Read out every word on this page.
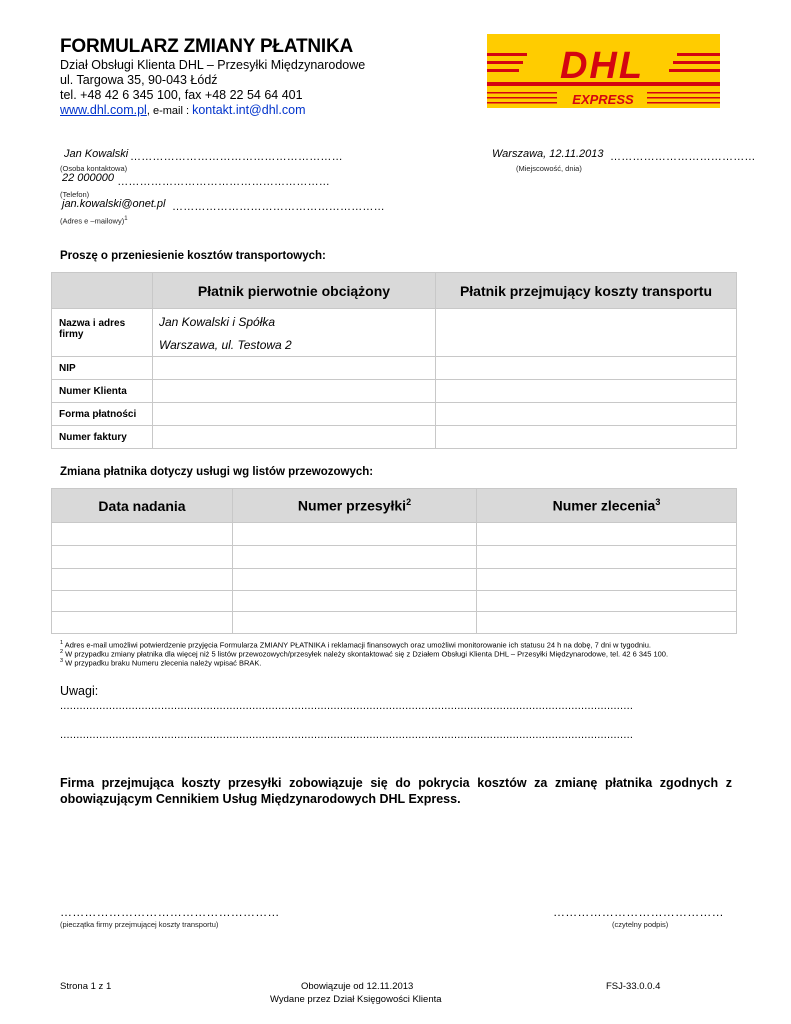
FORMULARZ ZMIANY PŁATNIKA
Dział Obsługi Klienta DHL – Przesyłki Międzynarodowe
ul. Targowa 35, 90-043 Łódź
tel. +48 42 6 345 100, fax +48 22 54 64 401
www.dhl.com.pl, e-mail : kontakt.int@dhl.com
DHL
EXPRESS
Jan Kowalski …………………………………………………
(Osoba kontaktowa)
22 000000 …………………………………………………
(Telefon)
jan.kowalski@onet.pl …………………………………………………
(Adres e –mailowy)$^1$
Warszawa, 12.11.2013 …………………………………
(Miejscowość, dnia)
Proszę o przeniesienie kosztów transportowych:
	Płatnik pierwotnie obciążony	Płatnik przejmujący koszty transportu
Nazwa i adres firmy	Jan Kowalski i Spółka
Warszawa, ul. Testowa 2	

NIP		
Numer Klienta		
Forma płatności		
Numer faktury		
Zmiana płatnika dotyczy usługi wg listów przewozowych:
Data nadania	Numer przesyłki$^2$	Numer zlecenia$^3$

$^1$ Adres e-mail umożliwi potwierdzenie przyjęcia Formularza ZMIANY PŁATNIKA i reklamacji finansowych oraz umożliwi monitorowanie ich statusu 24 h na dobę, 7 dni w tygodniu.
$^2$ W przypadku zmiany płatnika dla więcej niż 5 listów przewozowych/przesyłek należy skontaktować się z Działem Obsługi Klienta DHL – Przesyłki Międzynarodowe, tel. 42 6 345 100.
$^3$ W przypadku braku Numeru zlecenia należy wpisać BRAK.
Uwagi:
................................................................................................................................................................................
................................................................................................................................................................................
Firma przejmująca koszty przesyłki zobowiązuje się do pokrycia kosztów za zmianę płatnika zgodnych z obowiązującym Cennikiem Usług Międzynarodowych DHL Express.
………………………………………………
(pieczątka firmy przejmującej koszty transportu)
……………………………………
(czytelny podpis)
Strona 1 z 1	Obowiązuje od 12.11.2013
Wydane przez Dział Księgowości Klienta
FSJ-33.0.0.4
